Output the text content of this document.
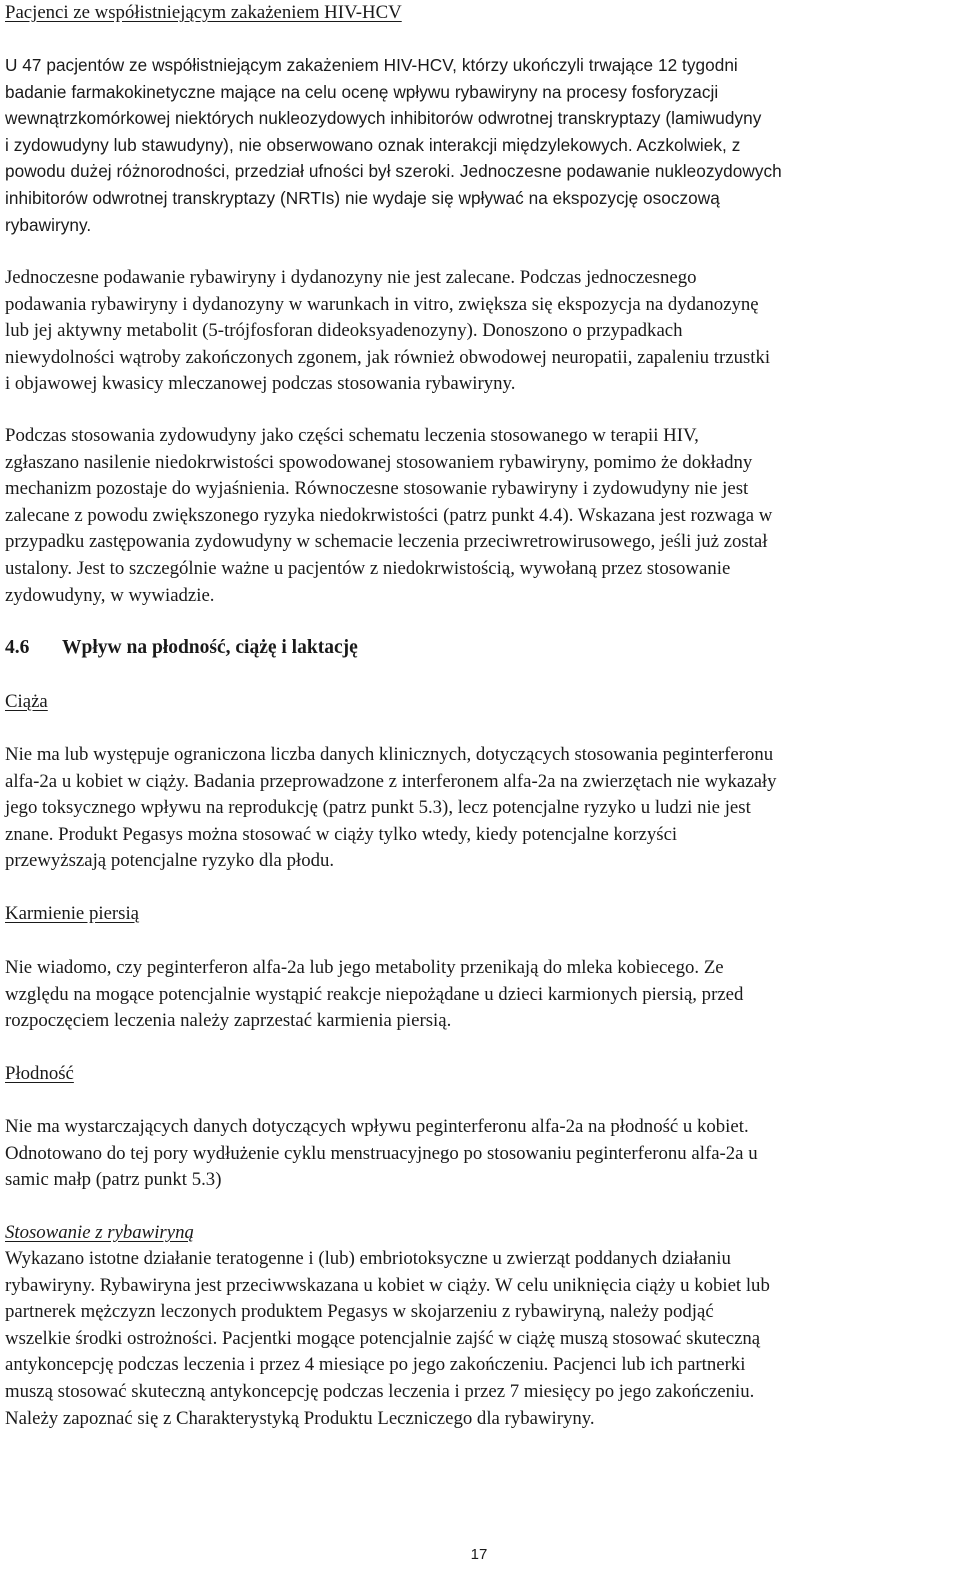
Pacjenci ze współistniejącym zakażeniem HIV-HCV

U 47 pacjentów ze współistniejącym zakażeniem HIV-HCV, którzy ukończyli trwające 12 tygodni
badanie farmakokinetyczne mające na celu ocenę wpływu rybawiryny na procesy fosforyzacji
wewnątrzkomórkowej niektórych nukleozydowych inhibitorów odwrotnej transkryptazy (lamiwudyny
i zydowudyny lub stawudyny), nie obserwowano oznak interakcji międzylekowych. Aczkolwiek, z
powodu dużej różnorodności, przedział ufności był szeroki. Jednoczesne podawanie nukleozydowych
inhibitorów odwrotnej transkryptazy (NRTIs) nie wydaje się wpływać na ekspozycję osoczową
rybawiryny.

Jednoczesne podawanie rybawiryny i dydanozyny nie jest zalecane. Podczas jednoczesnego
podawania rybawiryny i dydanozyny w warunkach in vitro, zwiększa się ekspozycja na dydanozynę
lub jej aktywny metabolit (5-trójfosforan dideoksyadenozyny). Donoszono o przypadkach
niewydolności wątroby zakończonych zgonem, jak również obwodowej neuropatii, zapaleniu trzustki
i objawowej kwasicy mleczanowej podczas stosowania rybawiryny.

Podczas stosowania zydowudyny jako części schematu leczenia stosowanego w terapii HIV,
zgłaszano nasilenie niedokrwistości spowodowanej stosowaniem rybawiryny, pomimo że dokładny
mechanizm pozostaje do wyjaśnienia. Równoczesne stosowanie rybawiryny i zydowudyny nie jest
zalecane z powodu zwiększonego ryzyka niedokrwistości (patrz punkt 4.4). Wskazana jest rozwaga w
przypadku zastępowania zydowudyny w schemacie leczenia przeciwretrowirusowego, jeśli już został
ustalony. Jest to szczególnie ważne u pacjentów z niedokrwistością, wywołaną przez stosowanie
zydowudyny, w wywiadzie.

4.6 Wpływ na płodność, ciążę i laktację
Ciąża

Nie ma lub występuje ograniczona liczba danych klinicznych, dotyczących stosowania peginterferonu
alfa-2a u kobiet w ciąży. Badania przeprowadzone z interferonem alfa-2a na zwierzętach nie wykazały
jego toksycznego wpływu na reprodukcję (patrz punkt 5.3), lecz potencjalne ryzyko u ludzi nie jest
znane. Produkt Pegasys można stosować w ciąży tylko wtedy, kiedy potencjalne korzyści
przewyższają potencjalne ryzyko dla płodu.

Karmienie piersią

Nie wiadomo, czy peginterferon alfa-2a lub jego metabolity przenikają do mleka kobiecego. Ze
względu na mogące potencjalnie wystąpić reakcje niepożądane u dzieci karmionych piersią, przed
rozpoczęciem leczenia należy zaprzestać karmienia piersią.

Płodność

Nie ma wystarczających danych dotyczących wpływu peginterferonu alfa-2a na płodność u kobiet.
Odnotowano do tej pory wydłużenie cyklu menstruacyjnego po stosowaniu peginterferonu alfa-2a u
samic małp (patrz punkt 5.3)

Stosowanie z rybawiryną

Wykazano istotne działanie teratogenne i (lub) embriotoksyczne u zwierząt poddanych działaniu
rybawiryny. Rybawiryna jest przeciwwskazana u kobiet w ciąży. W celu uniknięcia ciąży u kobiet lub
partnerek mężczyzn leczonych produktem Pegasys w skojarzeniu z rybawiryną, należy podjąć
wszelkie środki ostrożności. Pacjentki mogące potencjalnie zajść w ciążę muszą stosować skuteczną
antykoncepcję podczas leczenia i przez 4 miesiące po jego zakończeniu. Pacjenci lub ich partnerki
muszą stosować skuteczną antykoncepcję podczas leczenia i przez 7 miesięcy po jego zakończeniu.
Należy zapoznać się z Charakterystyką Produktu Leczniczego dla rybawiryny.

17
